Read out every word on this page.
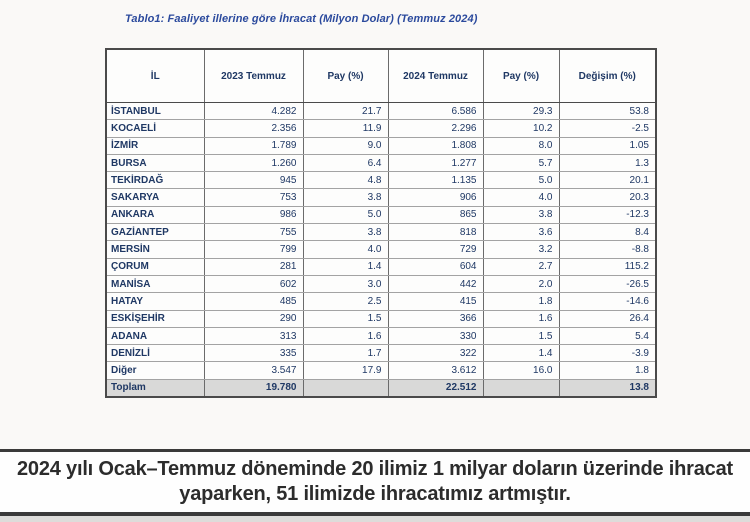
Tablo1: Faaliyet illerine göre İhracat (Milyon Dolar) (Temmuz 2024)
İL	2023 Temmuz	Pay (%)	2024 Temmuz	Pay (%)	Değişim (%)
İSTANBUL	4.282	21.7	6.586	29.3	53.8
KOCAELİ	2.356	11.9	2.296	10.2	-2.5
İZMİR	1.789	9.0	1.808	8.0	1.05
BURSA	1.260	6.4	1.277	5.7	1.3
TEKİRDAĞ	945	4.8	1.135	5.0	20.1
SAKARYA	753	3.8	906	4.0	20.3
ANKARA	986	5.0	865	3.8	-12.3
GAZİANTEP	755	3.8	818	3.6	8.4
MERSİN	799	4.0	729	3.2	-8.8
ÇORUM	281	1.4	604	2.7	115.2
MANİSA	602	3.0	442	2.0	-26.5
HATAY	485	2.5	415	1.8	-14.6
ESKİŞEHİR	290	1.5	366	1.6	26.4
ADANA	313	1.6	330	1.5	5.4
DENİZLİ	335	1.7	322	1.4	-3.9
Diğer	3.547	17.9	3.612	16.0	1.8
Toplam	19.780		22.512		13.8
2024 yılı Ocak–Temmuz döneminde 20 ilimiz 1 milyar doların üzerinde ihracat yaparken, 51 ilimizde ihracatımız artmıştır.
